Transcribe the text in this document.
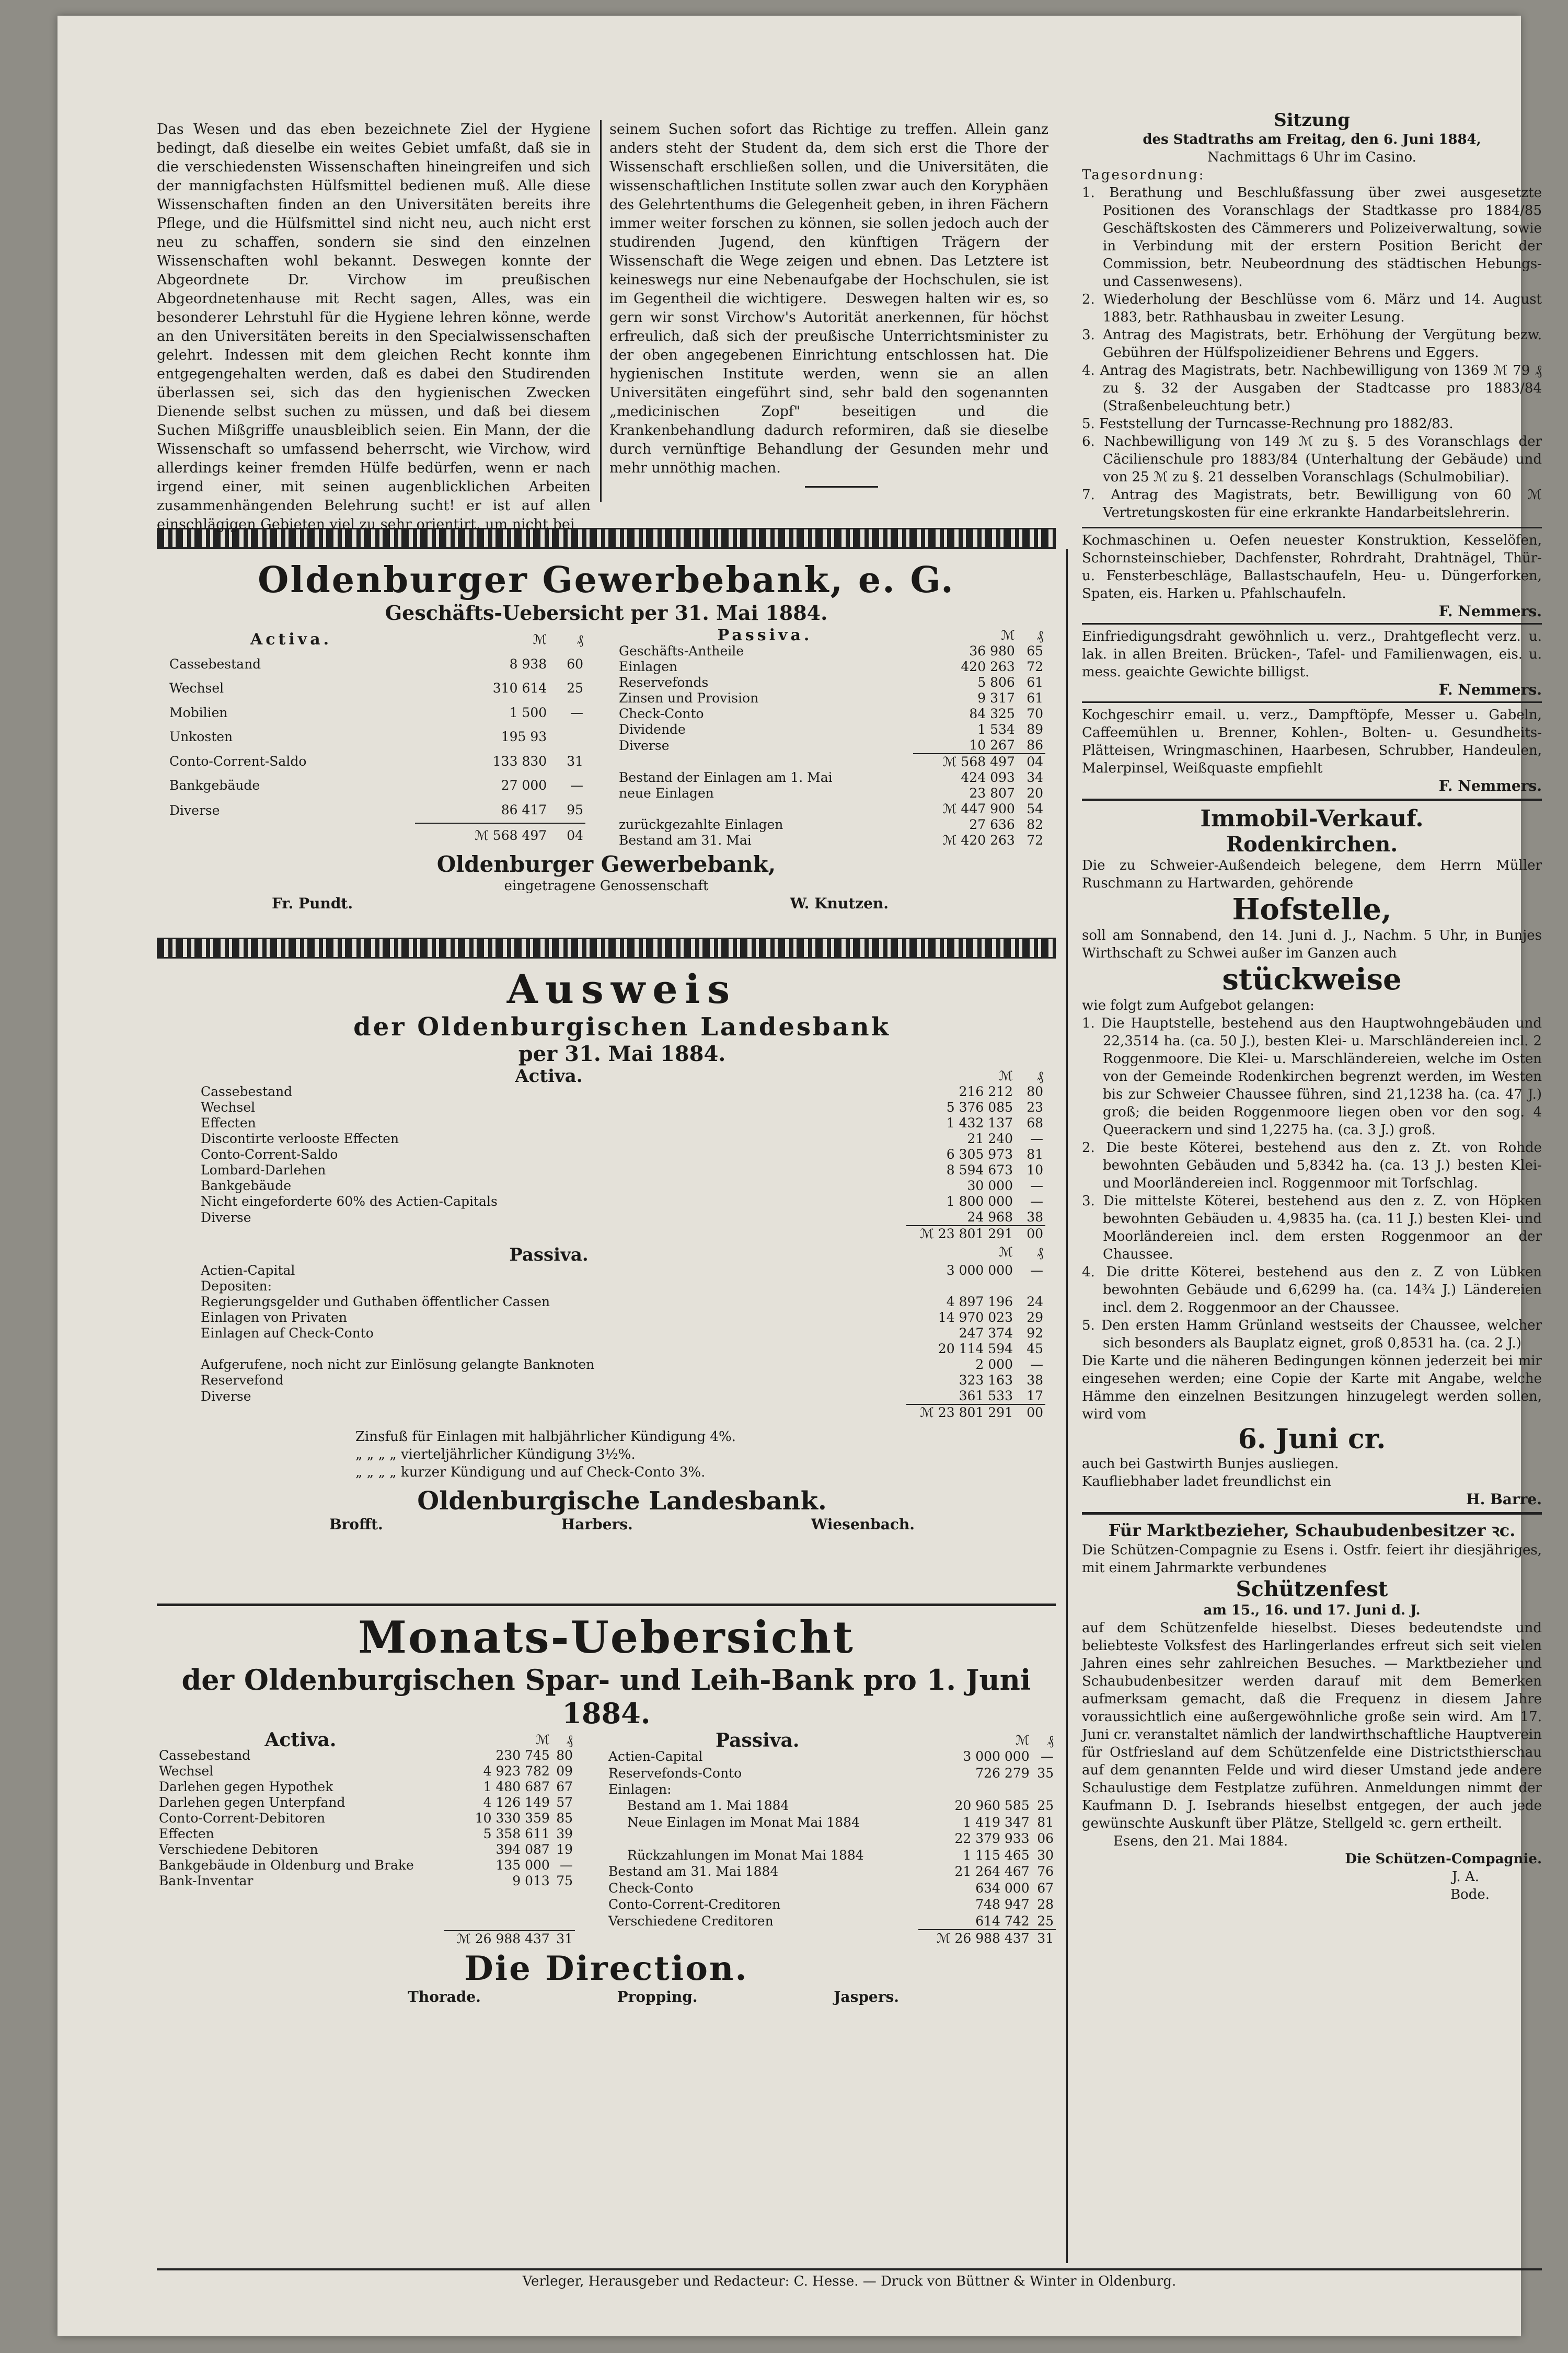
Das Wesen und das eben bezeichnete Ziel der Hygiene bedingt, daß dieselbe ein weites Gebiet umfaßt, daß sie in die verschiedensten Wissenschaften hineingreifen und sich der mannigfachsten Hülfsmittel bedienen muß. Alle diese Wissenschaften finden an den Universitäten bereits ihre Pflege, und die Hülfsmittel sind nicht neu, auch nicht erst neu zu schaffen, sondern sie sind den einzelnen Wissenschaften wohl bekannt. Deswegen konnte der Abgeordnete Dr. Virchow im preußischen Abgeordnetenhause mit Recht sagen, Alles, was ein besonderer Lehrstuhl für die Hygiene lehren könne, werde an den Universitäten bereits in den Specialwissenschaften gelehrt. Indessen mit dem gleichen Recht konnte ihm entgegengehalten werden, daß es dabei den Studirenden überlassen sei, sich das den hygienischen Zwecken Dienende selbst suchen zu müssen, und daß bei diesem Suchen Mißgriffe unausbleiblich seien. Ein Mann, der die Wissenschaft so umfassend beherrscht, wie Virchow, wird allerdings keiner fremden Hülfe bedürfen, wenn er nach irgend einer, mit seinen augenblicklichen Arbeiten zusammenhängenden Belehrung sucht! er ist auf allen einschlägigen Gebieten viel zu sehr orientirt, um nicht bei

seinem Suchen sofort das Richtige zu treffen. Allein ganz anders steht der Student da, dem sich erst die Thore der Wissenschaft erschließen sollen, und die Universitäten, die wissenschaftlichen Institute sollen zwar auch den Koryphäen des Gelehrtenthums die Gelegenheit geben, in ihren Fächern immer weiter forschen zu können, sie sollen jedoch auch der studirenden Jugend, den künftigen Trägern der Wissenschaft die Wege zeigen und ebnen. Das Letztere ist keineswegs nur eine Nebenaufgabe der Hochschulen, sie ist im Gegentheil die wichtigere.   Deswegen halten wir es, so gern wir sonst Virchow's Autorität anerkennen, für höchst erfreulich, daß sich der preußische Unterrichtsminister zu der oben angegebenen Einrichtung entschlossen hat. Die hygienischen Institute werden, wenn sie an allen Universitäten eingeführt sind, sehr bald den sogenannten „medicinischen Zopf" beseitigen und die Krankenbehandlung dadurch reformiren, daß sie dieselbe durch vernünftige Behandlung der Gesunden mehr und mehr unnöthig machen.

Oldenburger Gewerbebank, e. G.
Geschäfts-Uebersicht per 31. Mai 1884.
Activa.	ℳ	₰
Cassebestand	8 938	60
Wechsel	310 614	25
Mobilien	1 500	—
Unkosten	195 93	
Conto-Corrent-Saldo	133 830	31
Bankgebäude	27 000	—
Diverse	86 417	95
	ℳ 568 497	04
Passiva.	ℳ	₰
Geschäfts-Antheile	36 980	65
Einlagen	420 263	72
Reservefonds	5 806	61
Zinsen und Provision	9 317	61
Check-Conto	84 325	70
Dividende	1 534	89
Diverse	10 267	86
	ℳ 568 497	04
Bestand der Einlagen am 1. Mai	424 093	34
neue Einlagen	23 807	20
	ℳ 447 900	54
zurückgezahlte Einlagen	27 636	82
Bestand am 31. Mai	ℳ 420 263	72
Oldenburger Gewerbebank,
eingetragene Genossenschaft
Fr. Pundt.	W. Knutzen.
Ausweis
der Oldenburgischen Landesbank
per 31. Mai 1884.
Activa.		ℳ	₰
Cassebestand		216 212	80
Wechsel		5 376 085	23
Effecten		1 432 137	68
Discontirte verlooste Effecten		21 240	—
Conto-Corrent-Saldo		6 305 973	81
Lombard-Darlehen		8 594 673	10
Bankgebäude		30 000	—
Nicht eingeforderte 60% des Actien-Capitals		1 800 000	—
Diverse		24 968	38
		ℳ 23 801 291	00
Passiva.		ℳ	₰
Actien-Capital		3 000 000	—
Depositen:			
Regierungsgelder und Guthaben öffentlicher Cassen		4 897 196	24
Einlagen von Privaten		14 970 023	29
Einlagen auf Check-Conto		247 374	92
		20 114 594	45
Aufgerufene, noch nicht zur Einlösung gelangte Banknoten		2 000	—
Reservefond		323 163	38
Diverse		361 533	17
		ℳ 23 801 291	00
Zinsfuß für Einlagen mit halbjährlicher Kündigung 4%.
„ „ „ „ vierteljährlicher Kündigung 3½%.
„ „ „ „ kurzer Kündigung und auf Check-Conto 3%.
Oldenburgische Landesbank.
Brofft.	Harbers.	Wiesenbach.
Monats-Uebersicht
der Oldenburgischen Spar- und Leih-Bank pro 1. Juni 1884.
Activa.	ℳ	₰
Cassebestand	230 745	80
Wechsel	4 923 782	09
Darlehen gegen Hypothek	1 480 687	67
Darlehen gegen Unterpfand	4 126 149	57
Conto-Corrent-Debitoren	10 330 359	85
Effecten	5 358 611	39
Verschiedene Debitoren	394 087	19
Bankgebäude in Oldenburg und Brake	135 000	—
Bank-Inventar	9 013	75

	ℳ 26 988 437	31
Passiva.			ℳ	₰
Actien-Capital			3 000 000	—
Reservefonds-Conto			726 279	35
Einlagen:				
Bestand am 1. Mai 1884			20 960 585	25
Neue Einlagen im Monat Mai 1884			1 419 347	81
			22 379 933	06
Rückzahlungen im Monat Mai 1884			1 115 465	30
Bestand am 31. Mai 1884			21 264 467	76
Check-Conto			634 000	67
Conto-Corrent-Creditoren			748 947	28
Verschiedene Creditoren			614 742	25
			ℳ 26 988 437	31
Die Direction.
Thorade.	Propping.	Jaspers.
Sitzung
des Stadtraths am Freitag, den 6. Juni 1884,
Nachmittags 6 Uhr im Casino.
Tagesordnung:

1. Berathung und Beschlußfassung über zwei ausgesetzte Positionen des Voranschlags der Stadtkasse pro 1884/85 Geschäftskosten des Cämmerers und Polizeiverwaltung, sowie in Verbindung mit der erstern Position Bericht der Commission, betr. Neubeordnung des städtischen Hebungs- und Cassenwesens).

2. Wiederholung der Beschlüsse vom 6. März und 14. August 1883, betr. Rathhausbau in zweiter Lesung.

3. Antrag des Magistrats, betr. Erhöhung der Vergütung bezw. Gebühren der Hülfspolizeidiener Behrens und Eggers.

4. Antrag des Magistrats, betr. Nachbewilligung von 1369 ℳ 79 ₰ zu §. 32 der Ausgaben der Stadtcasse pro 1883/84 (Straßenbeleuchtung betr.)

5. Feststellung der Turncasse-Rechnung pro 1882/83.

6. Nachbewilligung von 149 ℳ zu §. 5 des Voranschlags der Cäcilienschule pro 1883/84 (Unterhaltung der Gebäude) und von 25 ℳ zu §. 21 desselben Voranschlags (Schulmobiliar).

7. Antrag des Magistrats, betr. Bewilligung von 60 ℳ Vertretungskosten für eine erkrankte Handarbeitslehrerin.

Kochmaschinen u. Oefen neuester Konstruktion, Kesselöfen, Schornsteinschieber, Dachfenster, Rohrdraht, Drahtnägel, Thür- u. Fensterbeschläge, Ballastschaufeln, Heu- u. Düngerforken, Spaten, eis. Harken u. Pfahlschaufeln.

F. Nemmers.

Einfriedigungsdraht gewöhnlich u. verz., Drahtgeflecht verz. u. lak. in allen Breiten. Brücken-, Tafel- und Familienwagen, eis. u. mess. geaichte Gewichte billigst.

F. Nemmers.

Kochgeschirr email. u. verz., Dampftöpfe, Messer u. Gabeln, Caffeemühlen u. Brenner, Kohlen-, Bolten- u. Gesundheits-Plätteisen, Wringmaschinen, Haarbesen, Schrubber, Handeulen, Malerpinsel, Weißquaste empfiehlt

F. Nemmers.
Immobil-Verkauf.
Rodenkirchen.

Die zu Schweier-Außendeich belegene, dem Herrn Müller Ruschmann zu Hartwarden, gehörende

Hofstelle,

soll am Sonnabend, den 14. Juni d. J., Nachm. 5 Uhr, in Bunjes Wirthschaft zu Schwei außer im Ganzen auch

stückweise

wie folgt zum Aufgebot gelangen:

1. Die Hauptstelle, bestehend aus den Hauptwohngebäuden und 22,3514 ha. (ca. 50 J.), besten Klei- u. Marschländereien incl. 2 Roggenmoore. Die Klei- u. Marschländereien, welche im Osten von der Gemeinde Rodenkirchen begrenzt werden, im Westen bis zur Schweier Chaussee führen, sind 21,1238 ha. (ca. 47 J.) groß; die beiden Roggenmoore liegen oben vor den sog. 4 Queerackern und sind 1,2275 ha. (ca. 3 J.) groß.

2. Die beste Köterei, bestehend aus den z. Zt. von Rohde bewohnten Gebäuden und 5,8342 ha. (ca. 13 J.) besten Klei- und Moorländereien incl. Roggenmoor mit Torfschlag.

3. Die mittelste Köterei, bestehend aus den z. Z. von Höpken bewohnten Gebäuden u. 4,9835 ha. (ca. 11 J.) besten Klei- und Moorländereien incl. dem ersten Roggenmoor an der Chaussee.

4. Die dritte Köterei, bestehend aus den z. Z von Lübken bewohnten Gebäude und 6,6299 ha. (ca. 14¾ J.) Ländereien incl. dem 2. Roggenmoor an der Chaussee.

5. Den ersten Hamm Grünland westseits der Chaussee, welcher sich besonders als Bauplatz eignet, groß 0,8531 ha. (ca. 2 J.)

Die Karte und die näheren Bedingungen können jederzeit bei mir eingesehen werden; eine Copie der Karte mit Angabe, welche Hämme den einzelnen Besitzungen hinzugelegt werden sollen, wird vom

6. Juni cr.

auch bei Gastwirth Bunjes ausliegen.

Kaufliebhaber ladet freundlichst ein

H. Barre.
Für Marktbezieher, Schaubudenbesitzer ꝛc.

Die Schützen-Compagnie zu Esens i. Ostfr. feiert ihr diesjähriges, mit einem Jahrmarkte verbundenes

Schützenfest
am 15., 16. und 17. Juni d. J.

auf dem Schützenfelde hieselbst. Dieses bedeutendste und beliebteste Volksfest des Harlingerlandes erfreut sich seit vielen Jahren eines sehr zahlreichen Besuches. — Marktbezieher und Schaubudenbesitzer werden darauf mit dem Bemerken aufmerksam gemacht, daß die Frequenz in diesem Jahre voraussichtlich eine außergewöhnliche große sein wird. Am 17. Juni cr. veranstaltet nämlich der landwirthschaftliche Hauptverein für Ostfriesland auf dem Schützenfelde eine Districtsthierschau auf dem genannten Felde und wird dieser Umstand jede andere Schaulustige dem Festplatze zuführen. Anmeldungen nimmt der Kaufmann D. J. Isebrands hieselbst entgegen, der auch jede gewünschte Auskunft über Plätze, Stellgeld ꝛc. gern ertheilt.

Esens, den 21. Mai 1884.
Die Schützen-Compagnie.
J. A.
Bode.
Verleger, Herausgeber und Redacteur: C. Hesse. — Druck von Büttner & Winter in Oldenburg.
